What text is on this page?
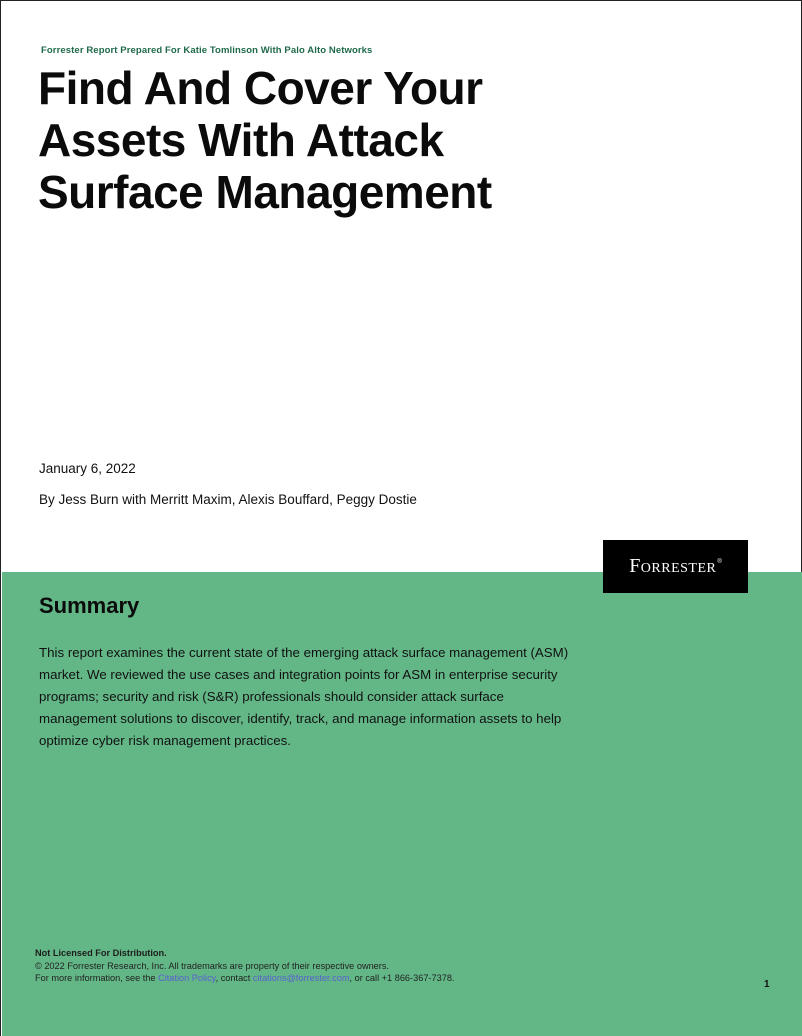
Forrester Report Prepared For Katie Tomlinson With Palo Alto Networks
Find And Cover Your
Assets With Attack
Surface Management
January 6, 2022
By Jess Burn with Merritt Maxim, Alexis Bouffard, Peggy Dostie
Forrester ®
Summary

This report examines the current state of the emerging attack surface management (ASM) market. We reviewed the use cases and integration points for ASM in enterprise security programs; security and risk (S&R) professionals should consider attack surface management solutions to discover, identify, track, and manage information assets to help optimize cyber risk management practices.

Not Licensed For Distribution.
© 2022 Forrester Research, Inc. All trademarks are property of their respective owners.
For more information, see the Citation Policy, contact citations@forrester.com, or call +1 866-367-7378.
1
